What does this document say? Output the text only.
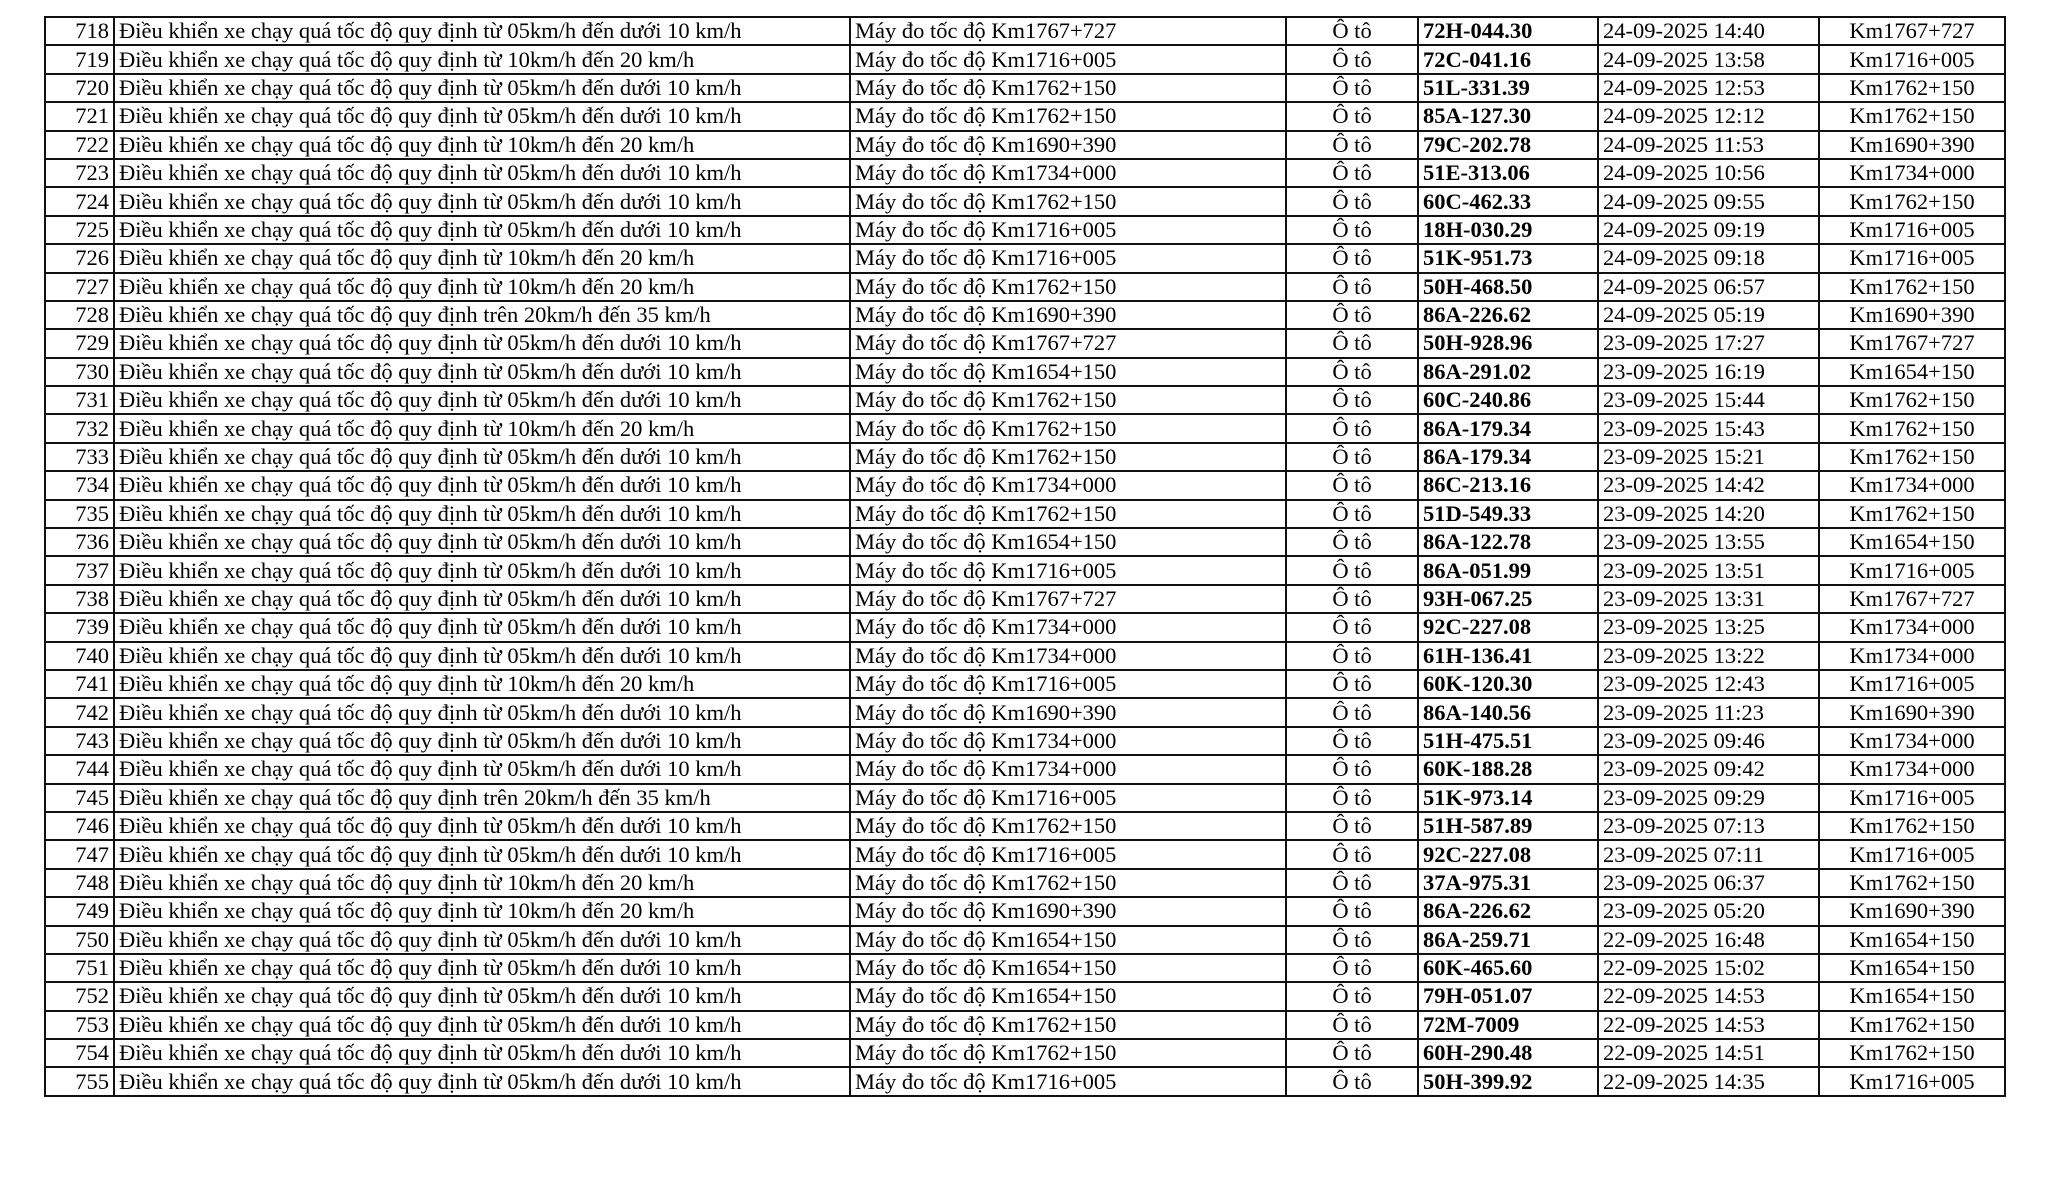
718	Điều khiển xe chạy quá tốc độ quy định từ 05km/h đến dưới 10 km/h	Máy đo tốc độ Km1767+727	Ô tô	72H-044.30	24-09-2025 14:40	Km1767+727
719	Điều khiển xe chạy quá tốc độ quy định từ 10km/h đến 20 km/h	Máy đo tốc độ Km1716+005	Ô tô	72C-041.16	24-09-2025 13:58	Km1716+005
720	Điều khiển xe chạy quá tốc độ quy định từ 05km/h đến dưới 10 km/h	Máy đo tốc độ Km1762+150	Ô tô	51L-331.39	24-09-2025 12:53	Km1762+150
721	Điều khiển xe chạy quá tốc độ quy định từ 05km/h đến dưới 10 km/h	Máy đo tốc độ Km1762+150	Ô tô	85A-127.30	24-09-2025 12:12	Km1762+150
722	Điều khiển xe chạy quá tốc độ quy định từ 10km/h đến 20 km/h	Máy đo tốc độ Km1690+390	Ô tô	79C-202.78	24-09-2025 11:53	Km1690+390
723	Điều khiển xe chạy quá tốc độ quy định từ 05km/h đến dưới 10 km/h	Máy đo tốc độ Km1734+000	Ô tô	51E-313.06	24-09-2025 10:56	Km1734+000
724	Điều khiển xe chạy quá tốc độ quy định từ 05km/h đến dưới 10 km/h	Máy đo tốc độ Km1762+150	Ô tô	60C-462.33	24-09-2025 09:55	Km1762+150
725	Điều khiển xe chạy quá tốc độ quy định từ 05km/h đến dưới 10 km/h	Máy đo tốc độ Km1716+005	Ô tô	18H-030.29	24-09-2025 09:19	Km1716+005
726	Điều khiển xe chạy quá tốc độ quy định từ 10km/h đến 20 km/h	Máy đo tốc độ Km1716+005	Ô tô	51K-951.73	24-09-2025 09:18	Km1716+005
727	Điều khiển xe chạy quá tốc độ quy định từ 10km/h đến 20 km/h	Máy đo tốc độ Km1762+150	Ô tô	50H-468.50	24-09-2025 06:57	Km1762+150
728	Điều khiển xe chạy quá tốc độ quy định trên 20km/h đến 35 km/h	Máy đo tốc độ Km1690+390	Ô tô	86A-226.62	24-09-2025 05:19	Km1690+390
729	Điều khiển xe chạy quá tốc độ quy định từ 05km/h đến dưới 10 km/h	Máy đo tốc độ Km1767+727	Ô tô	50H-928.96	23-09-2025 17:27	Km1767+727
730	Điều khiển xe chạy quá tốc độ quy định từ 05km/h đến dưới 10 km/h	Máy đo tốc độ Km1654+150	Ô tô	86A-291.02	23-09-2025 16:19	Km1654+150
731	Điều khiển xe chạy quá tốc độ quy định từ 05km/h đến dưới 10 km/h	Máy đo tốc độ Km1762+150	Ô tô	60C-240.86	23-09-2025 15:44	Km1762+150
732	Điều khiển xe chạy quá tốc độ quy định từ 10km/h đến 20 km/h	Máy đo tốc độ Km1762+150	Ô tô	86A-179.34	23-09-2025 15:43	Km1762+150
733	Điều khiển xe chạy quá tốc độ quy định từ 05km/h đến dưới 10 km/h	Máy đo tốc độ Km1762+150	Ô tô	86A-179.34	23-09-2025 15:21	Km1762+150
734	Điều khiển xe chạy quá tốc độ quy định từ 05km/h đến dưới 10 km/h	Máy đo tốc độ Km1734+000	Ô tô	86C-213.16	23-09-2025 14:42	Km1734+000
735	Điều khiển xe chạy quá tốc độ quy định từ 05km/h đến dưới 10 km/h	Máy đo tốc độ Km1762+150	Ô tô	51D-549.33	23-09-2025 14:20	Km1762+150
736	Điều khiển xe chạy quá tốc độ quy định từ 05km/h đến dưới 10 km/h	Máy đo tốc độ Km1654+150	Ô tô	86A-122.78	23-09-2025 13:55	Km1654+150
737	Điều khiển xe chạy quá tốc độ quy định từ 05km/h đến dưới 10 km/h	Máy đo tốc độ Km1716+005	Ô tô	86A-051.99	23-09-2025 13:51	Km1716+005
738	Điều khiển xe chạy quá tốc độ quy định từ 05km/h đến dưới 10 km/h	Máy đo tốc độ Km1767+727	Ô tô	93H-067.25	23-09-2025 13:31	Km1767+727
739	Điều khiển xe chạy quá tốc độ quy định từ 05km/h đến dưới 10 km/h	Máy đo tốc độ Km1734+000	Ô tô	92C-227.08	23-09-2025 13:25	Km1734+000
740	Điều khiển xe chạy quá tốc độ quy định từ 05km/h đến dưới 10 km/h	Máy đo tốc độ Km1734+000	Ô tô	61H-136.41	23-09-2025 13:22	Km1734+000
741	Điều khiển xe chạy quá tốc độ quy định từ 10km/h đến 20 km/h	Máy đo tốc độ Km1716+005	Ô tô	60K-120.30	23-09-2025 12:43	Km1716+005
742	Điều khiển xe chạy quá tốc độ quy định từ 05km/h đến dưới 10 km/h	Máy đo tốc độ Km1690+390	Ô tô	86A-140.56	23-09-2025 11:23	Km1690+390
743	Điều khiển xe chạy quá tốc độ quy định từ 05km/h đến dưới 10 km/h	Máy đo tốc độ Km1734+000	Ô tô	51H-475.51	23-09-2025 09:46	Km1734+000
744	Điều khiển xe chạy quá tốc độ quy định từ 05km/h đến dưới 10 km/h	Máy đo tốc độ Km1734+000	Ô tô	60K-188.28	23-09-2025 09:42	Km1734+000
745	Điều khiển xe chạy quá tốc độ quy định trên 20km/h đến 35 km/h	Máy đo tốc độ Km1716+005	Ô tô	51K-973.14	23-09-2025 09:29	Km1716+005
746	Điều khiển xe chạy quá tốc độ quy định từ 05km/h đến dưới 10 km/h	Máy đo tốc độ Km1762+150	Ô tô	51H-587.89	23-09-2025 07:13	Km1762+150
747	Điều khiển xe chạy quá tốc độ quy định từ 05km/h đến dưới 10 km/h	Máy đo tốc độ Km1716+005	Ô tô	92C-227.08	23-09-2025 07:11	Km1716+005
748	Điều khiển xe chạy quá tốc độ quy định từ 10km/h đến 20 km/h	Máy đo tốc độ Km1762+150	Ô tô	37A-975.31	23-09-2025 06:37	Km1762+150
749	Điều khiển xe chạy quá tốc độ quy định từ 10km/h đến 20 km/h	Máy đo tốc độ Km1690+390	Ô tô	86A-226.62	23-09-2025 05:20	Km1690+390
750	Điều khiển xe chạy quá tốc độ quy định từ 05km/h đến dưới 10 km/h	Máy đo tốc độ Km1654+150	Ô tô	86A-259.71	22-09-2025 16:48	Km1654+150
751	Điều khiển xe chạy quá tốc độ quy định từ 05km/h đến dưới 10 km/h	Máy đo tốc độ Km1654+150	Ô tô	60K-465.60	22-09-2025 15:02	Km1654+150
752	Điều khiển xe chạy quá tốc độ quy định từ 05km/h đến dưới 10 km/h	Máy đo tốc độ Km1654+150	Ô tô	79H-051.07	22-09-2025 14:53	Km1654+150
753	Điều khiển xe chạy quá tốc độ quy định từ 05km/h đến dưới 10 km/h	Máy đo tốc độ Km1762+150	Ô tô	72M-7009	22-09-2025 14:53	Km1762+150
754	Điều khiển xe chạy quá tốc độ quy định từ 05km/h đến dưới 10 km/h	Máy đo tốc độ Km1762+150	Ô tô	60H-290.48	22-09-2025 14:51	Km1762+150
755	Điều khiển xe chạy quá tốc độ quy định từ 05km/h đến dưới 10 km/h	Máy đo tốc độ Km1716+005	Ô tô	50H-399.92	22-09-2025 14:35	Km1716+005
